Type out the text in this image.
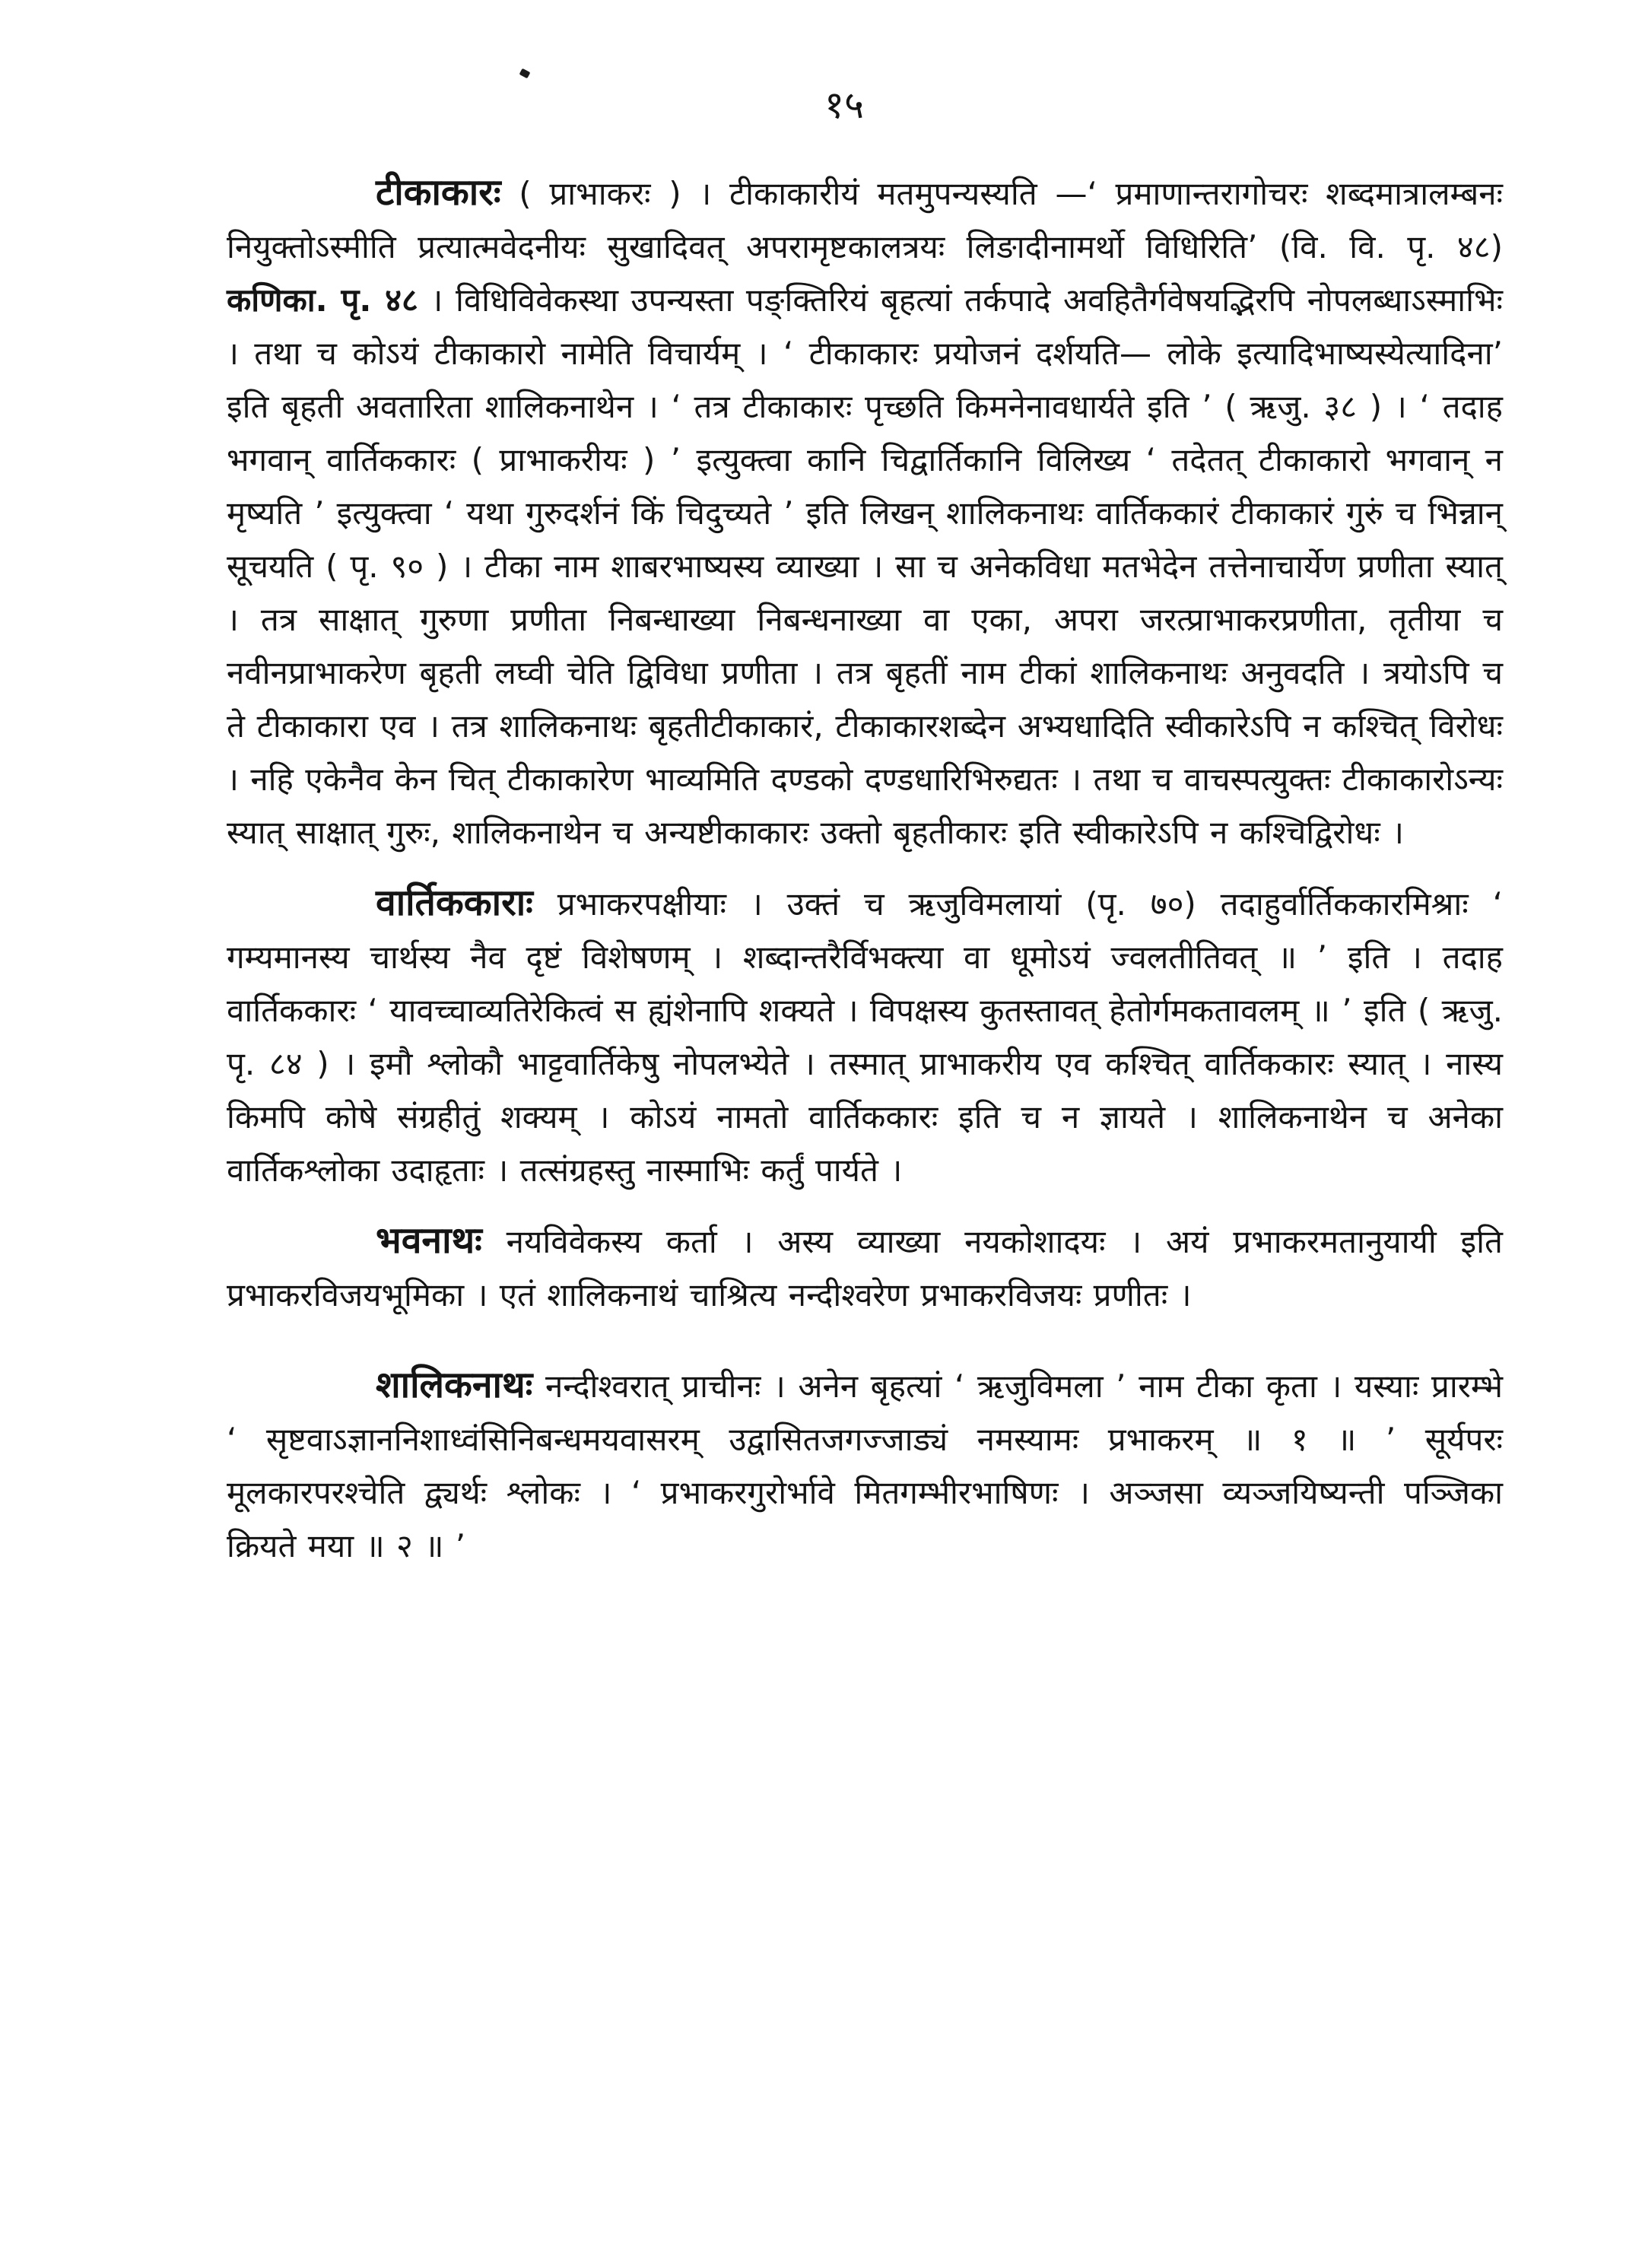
१५

टीकाकारः ( प्राभाकरः ) । टीकाकारीयं मतमुपन्यस्यति —‘ प्रमाणान्तरागोचरः शब्दमात्रालम्बनः नियुक्तोऽस्मीति प्रत्यात्मवेदनीयः सुखादिवत् अपरामृष्टकालत्रयः लिङादीनामर्थो विधिरिति’ (वि. वि. पृ. ४८) कणिका. पृ. ४८ । विधिविवेकस्था उपन्यस्ता पङ्क्तिरियं बृहत्यां तर्कपादे अवहितैर्गवेषयद्भिरपि नोपलब्धाऽस्माभिः । तथा च कोऽयं टीकाकारो नामेति विचार्यम् । ‘ टीकाकारः प्रयोजनं दर्शयति— लोके इत्यादिभाष्यस्येत्यादिना’ इति बृहती अवतारिता शालिकनाथेन । ‘ तत्र टीकाकारः पृच्छति किमनेनावधार्यते इति ’ ( ऋजु. ३८ ) । ‘ तदाह भगवान् वार्तिककारः ( प्राभाकरीयः ) ’ इत्युक्त्वा कानि चिद्वार्तिकानि विलिख्य ‘ तदेतत् टीकाकारो भगवान् न मृष्यति ’ इत्युक्त्वा ‘ यथा गुरुदर्शनं किं चिदुच्यते ’ इति लिखन् शालिकनाथः वार्तिककारं टीकाकारं गुरुं च भिन्नान् सूचयति ( पृ. ९० ) । टीका नाम शाबरभाष्यस्य व्याख्या । सा च अनेकविधा मतभेदेन तत्तेनाचार्येण प्रणीता स्यात् । तत्र साक्षात् गुरुणा प्रणीता निबन्धाख्या निबन्धनाख्या वा एका, अपरा जरत्प्राभाकरप्रणीता, तृतीया च नवीनप्राभाकरेण बृहती लघ्वी चेति द्विविधा प्रणीता । तत्र बृहतीं नाम टीकां शालिकनाथः अनुवदति । त्रयोऽपि च ते टीकाकारा एव । तत्र शालिकनाथः बृहतीटीकाकारं, टीकाकारशब्देन अभ्यधादिति स्वीकारेऽपि न कश्चित् विरोधः । नहि एकेनैव केन चित् टीकाकारेण भाव्यमिति दण्डको दण्डधारिभिरुद्यतः । तथा च वाचस्पत्युक्तः टीकाकारोऽन्यः स्यात् साक्षात् गुरुः, शालिकनाथेन च अन्यष्टीकाकारः उक्तो बृहतीकारः इति स्वीकारेऽपि न कश्चिद्विरोधः ।

वार्तिककाराः प्रभाकरपक्षीयाः । उक्तं च ऋजुविमलायां (पृ. ७०) तदाहुर्वार्तिककारमिश्राः ‘ गम्यमानस्य चार्थस्य नैव दृष्टं विशेषणम् । शब्दान्तरैर्विभक्त्या वा धूमोऽयं ज्वलतीतिवत् ॥ ’ इति । तदाह वार्तिककारः ‘ यावच्चाव्यतिरेकित्वं स ह्यंशेनापि शक्यते । विपक्षस्य कुतस्तावत् हेतोर्गमकतावलम् ॥ ’ इति ( ऋजु. पृ. ८४ ) । इमौ श्लोकौ भाट्टवार्तिकेषु नोपलभ्येते । तस्मात् प्राभाकरीय एव कश्चित् वार्तिककारः स्यात् । नास्य किमपि कोषे संग्रहीतुं शक्यम् । कोऽयं नामतो वार्तिककारः इति च न ज्ञायते । शालिकनाथेन च अनेका वार्तिकश्लोका उदाहृताः । तत्संग्रहस्तु नास्माभिः कर्तुं पार्यते ।

भवनाथः नयविवेकस्य कर्ता । अस्य व्याख्या नयकोशादयः । अयं प्रभाकरमतानुयायी इति प्रभाकरविजयभूमिका । एतं शालिकनाथं चाश्रित्य नन्दीश्वरेण प्रभाकरविजयः प्रणीतः ।

शालिकनाथः नन्दीश्वरात् प्राचीनः । अनेन बृहत्यां ‘ ऋजुविमला ’ नाम टीका कृता । यस्याः प्रारम्भे ‘ सृष्टवाऽज्ञाननिशाध्वंसिनिबन्धमयवासरम् उद्वासितजगज्जाड्यं नमस्यामः प्रभाकरम् ॥ १ ॥ ’ सूर्यपरः मूलकारपरश्चेति द्व्यर्थः श्लोकः । ‘ प्रभाकरगुरोर्भावे मितगम्भीरभाषिणः । अञ्जसा व्यञ्जयिष्यन्ती पञ्जिका क्रियते मया ॥ २ ॥ ’
